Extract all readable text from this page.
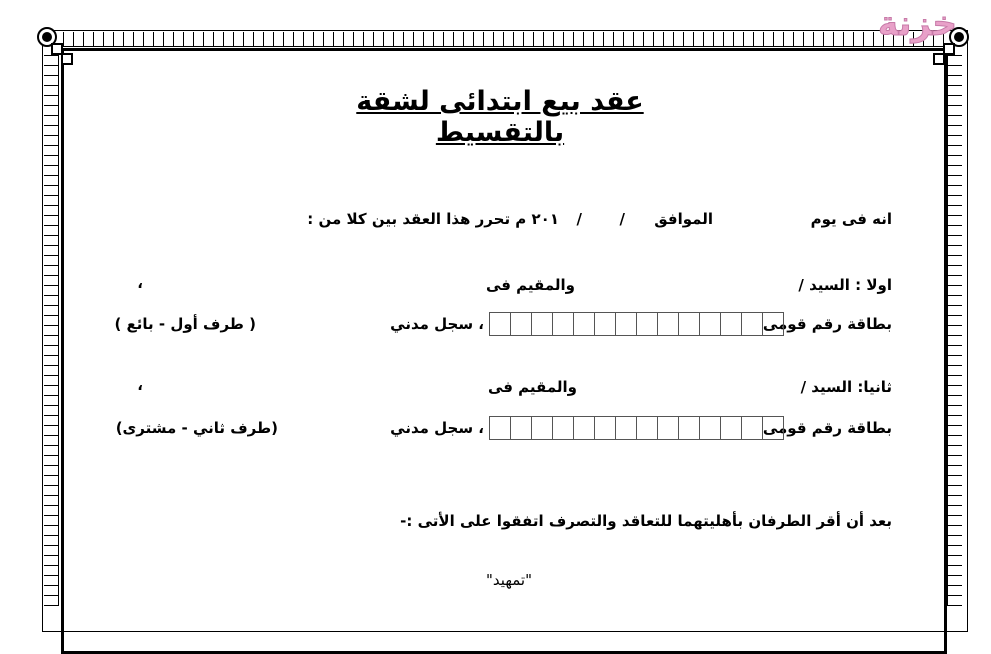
خزنة
عقد بيع ابتدائى لشقة بالتقسيط
انه فى يوم
الموافق
/
/
٢٠١ م تحرر هذا العقد بين كلا من :
اولا : السيد /
والمقيم فى
،
بطاقة رقم قومى
، سجل مدني
( طرف أول - بائع )
ثانيا: السيد /
والمقيم فى
،
بطاقة رقم قومى
، سجل مدني
(طرف ثاني - مشترى)
بعد أن أقر الطرفان بأهليتهما للتعاقد والتصرف اتفقوا على الأتى :-
"تمهيد"
